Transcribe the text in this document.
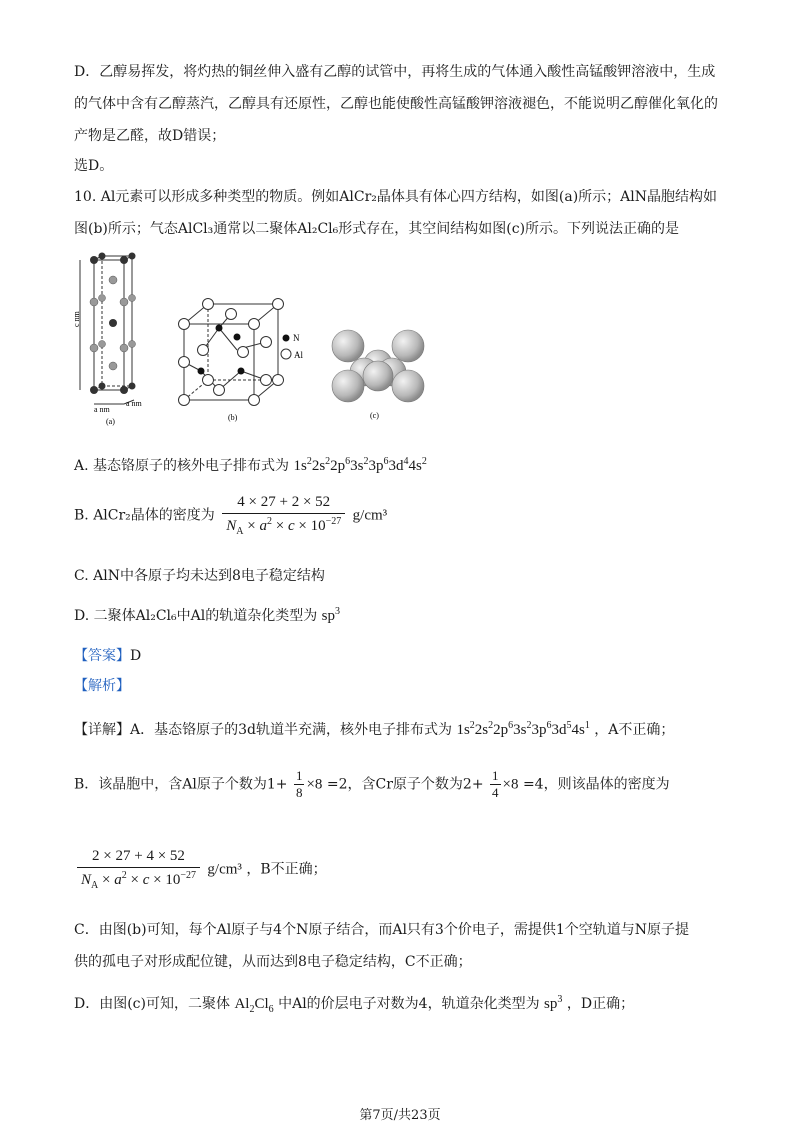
D．乙醇易挥发，将灼热的铜丝伸入盛有乙醇的试管中，再将生成的气体通入酸性高锰酸钾溶液中，生成
的气体中含有乙醇蒸汽，乙醇具有还原性，乙醇也能使酸性高锰酸钾溶液褪色，不能说明乙醇催化氧化的
产物是乙醛，故D错误；
选D。
10. Al元素可以形成多种类型的物质。例如AlCr₂晶体具有体心四方结构，如图(a)所示；AlN晶胞结构如
图(b)所示；气态AlCl₃通常以二聚体Al₂Cl₆形式存在，其空间结构如图(c)所示。下列说法正确的是
c nm
a nm
a nm
(a)
N
Al
(b)	(c)
A. 基态铬原子的核外电子排布式为 $1s^22s^22p^63s^23p^63d^44s^2$
B. AlCr₂晶体的密度为 $\frac{4 \times 27 + 2 \times 52}{N_A \times a^2 \times c \times 10^{-27}} g/cm^3$
C. AlN中各原子均未达到8电子稳定结构
D. 二聚体Al₂Cl₆中Al的轨道杂化类型为 $sp^3$
【答案】D
【解析】
【详解】A．基态铬原子的3d轨道半充满，核外电子排布式为 $1s^22s^22p^63s^23p^63d^54s^1$ ，A不正确；
B．该晶胞中，含Al原子个数为$1+ \frac{1}{8} \times 8 =2$，含Cr原子个数为$2+ \frac{1}{4} \times 8 =4$，则该晶体的密度为
$\frac{2 \times 27 + 4 \times 52}{N_A \times a^2 \times c \times 10^{-27}} g/cm^3$ ，B不正确；
C．由图(b)可知，每个Al原子与4个N原子结合，而Al只有3个价电子，需提供1个空轨道与N原子提
供的孤电子对形成配位键，从而达到8电子稳定结构，C不正确；
D．由图(c)可知，二聚体 $Al_2Cl_6$ 中Al的价层电子对数为4，轨道杂化类型为 $sp^3$ ，D正确；
第7页/共23页
